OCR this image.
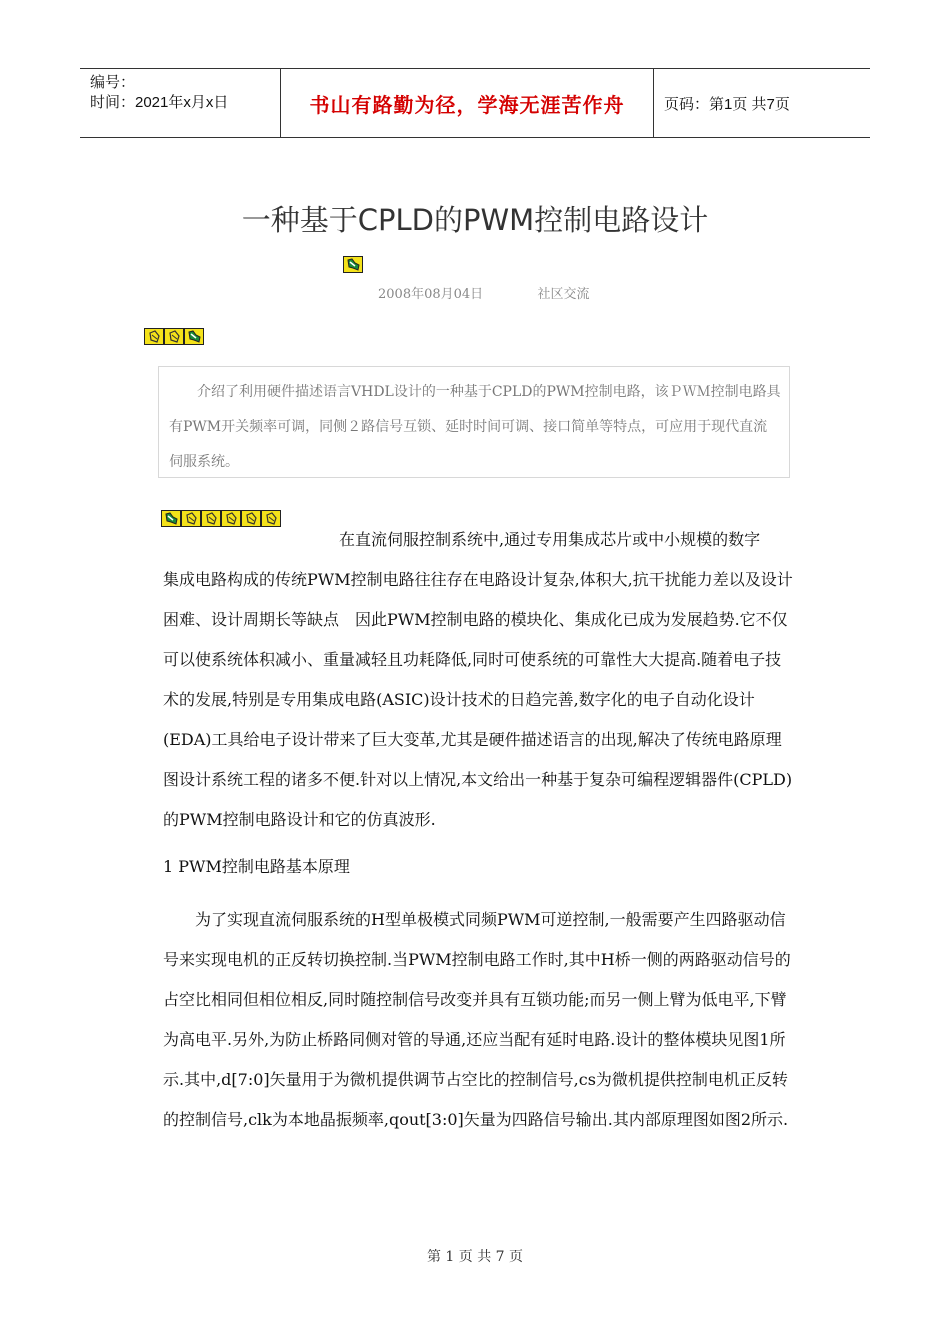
编号：
时间：2021年x月x日	书山有路勤为径，学海无涯苦作舟	页码：第1页 共7页
一种基于CPLD的PWM控制电路设计
2008年08月04日	社区交流
介绍了利用硬件描述语言VHDL设计的一种基于CPLD的PWM控制电路，该ＰＷＭ控制电路具有PWM开关频率可调，同侧２路信号互锁、延时时间可调、接口简单等特点，可应用于现代直流伺服系统。
在直流伺服控制系统中,通过专用集成芯片或中小规模的数字
集成电路构成的传统PWM控制电路往往存在电路设计复杂,体积大,抗干扰能力差以及设计困难、设计周期长等缺点　因此PWM控制电路的模块化、集成化已成为发展趋势.它不仅可以使系统体积减小、重量减轻且功耗降低,同时可使系统的可靠性大大提高.随着电子技术的发展,特别是专用集成电路(ASIC)设计技术的日趋完善,数字化的电子自动化设计(EDA)工具给电子设计带来了巨大变革,尤其是硬件描述语言的出现,解决了传统电路原理图设计系统工程的诸多不便.针对以上情况,本文给出一种基于复杂可编程逻辑器件(CPLD)的PWM控制电路设计和它的仿真波形.
1 PWM控制电路基本原理
为了实现直流伺服系统的H型单极模式同频PWM可逆控制,一般需要产生四路驱动信号来实现电机的正反转切换控制.当PWM控制电路工作时,其中H桥一侧的两路驱动信号的占空比相同但相位相反,同时随控制信号改变并具有互锁功能;而另一侧上臂为低电平,下臂为高电平.另外,为防止桥路同侧对管的导通,还应当配有延时电路.设计的整体模块见图1所示.其中,d[7:0]矢量用于为微机提供调节占空比的控制信号,cs为微机提供控制电机正反转的控制信号,clk为本地晶振频率,qout[3:0]矢量为四路信号输出.其内部原理图如图2所示.
第 1 页 共 7 页
